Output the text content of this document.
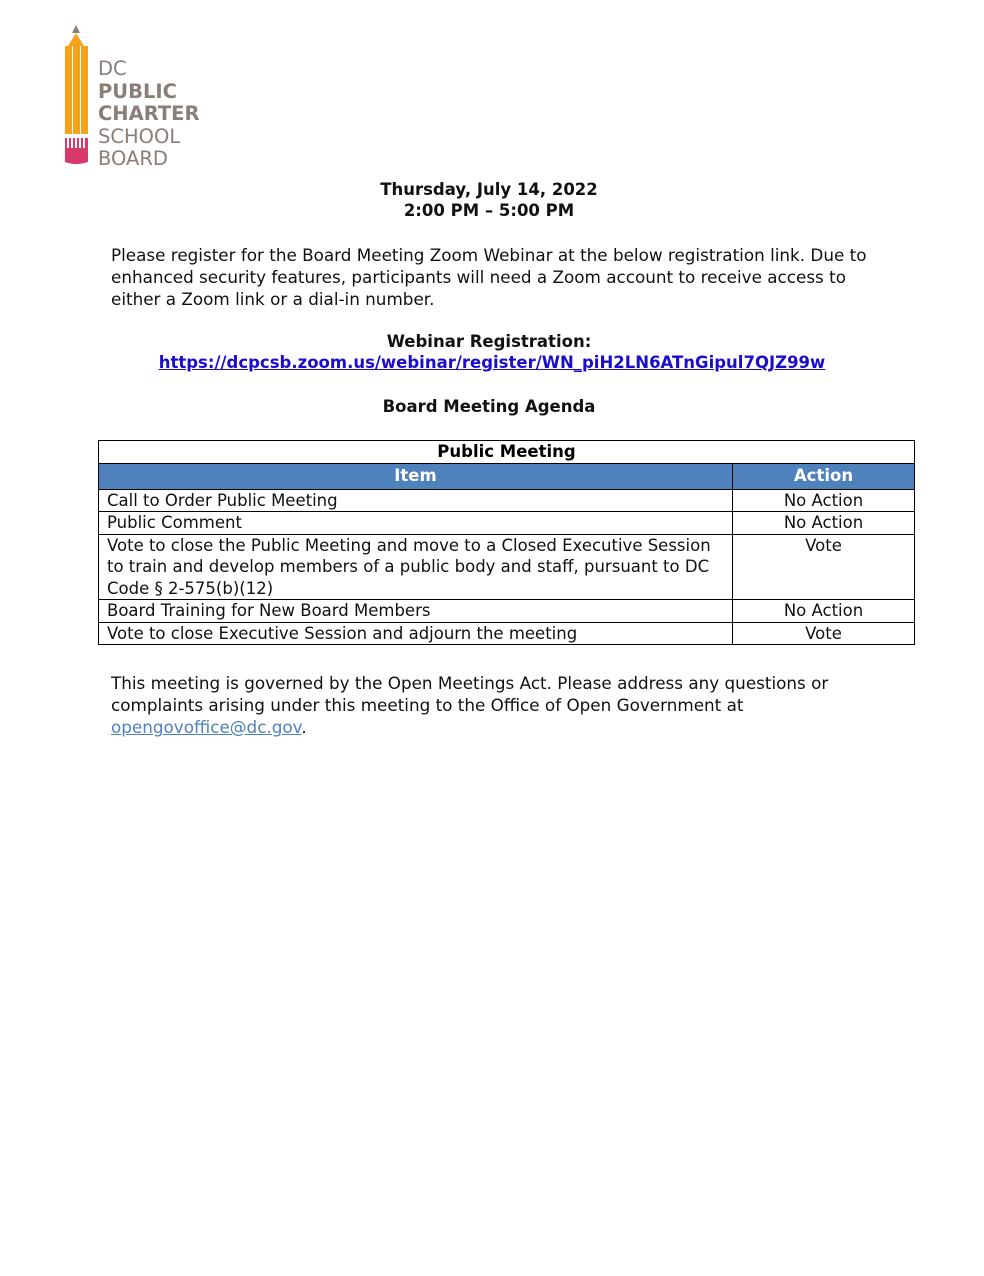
DC
PUBLIC
CHARTER
SCHOOL
BOARD
Thursday, July 14, 2022
2:00 PM – 5:00 PM
Please register for the Board Meeting Zoom Webinar at the below registration link. Due to enhanced security features, participants will need a Zoom account to receive access to either a Zoom link or a dial-in number.
Webinar Registration:
https://dcpcsb.zoom.us/webinar/register/WN_piH2LN6ATnGipul7QJZ99w
Board Meeting Agenda
Public Meeting	
Item	Action
Call to Order Public Meeting	No Action
Public Comment	No Action
Vote to close the Public Meeting and move to a Closed Executive Session to train and develop members of a public body and staff, pursuant to DC Code § 2-575(b)(12)	Vote
Board Training for New Board Members	No Action
Vote to close Executive Session and adjourn the meeting	Vote
This meeting is governed by the Open Meetings Act. Please address any questions or complaints arising under this meeting to the Office of Open Government at opengovoffice@dc.gov.
